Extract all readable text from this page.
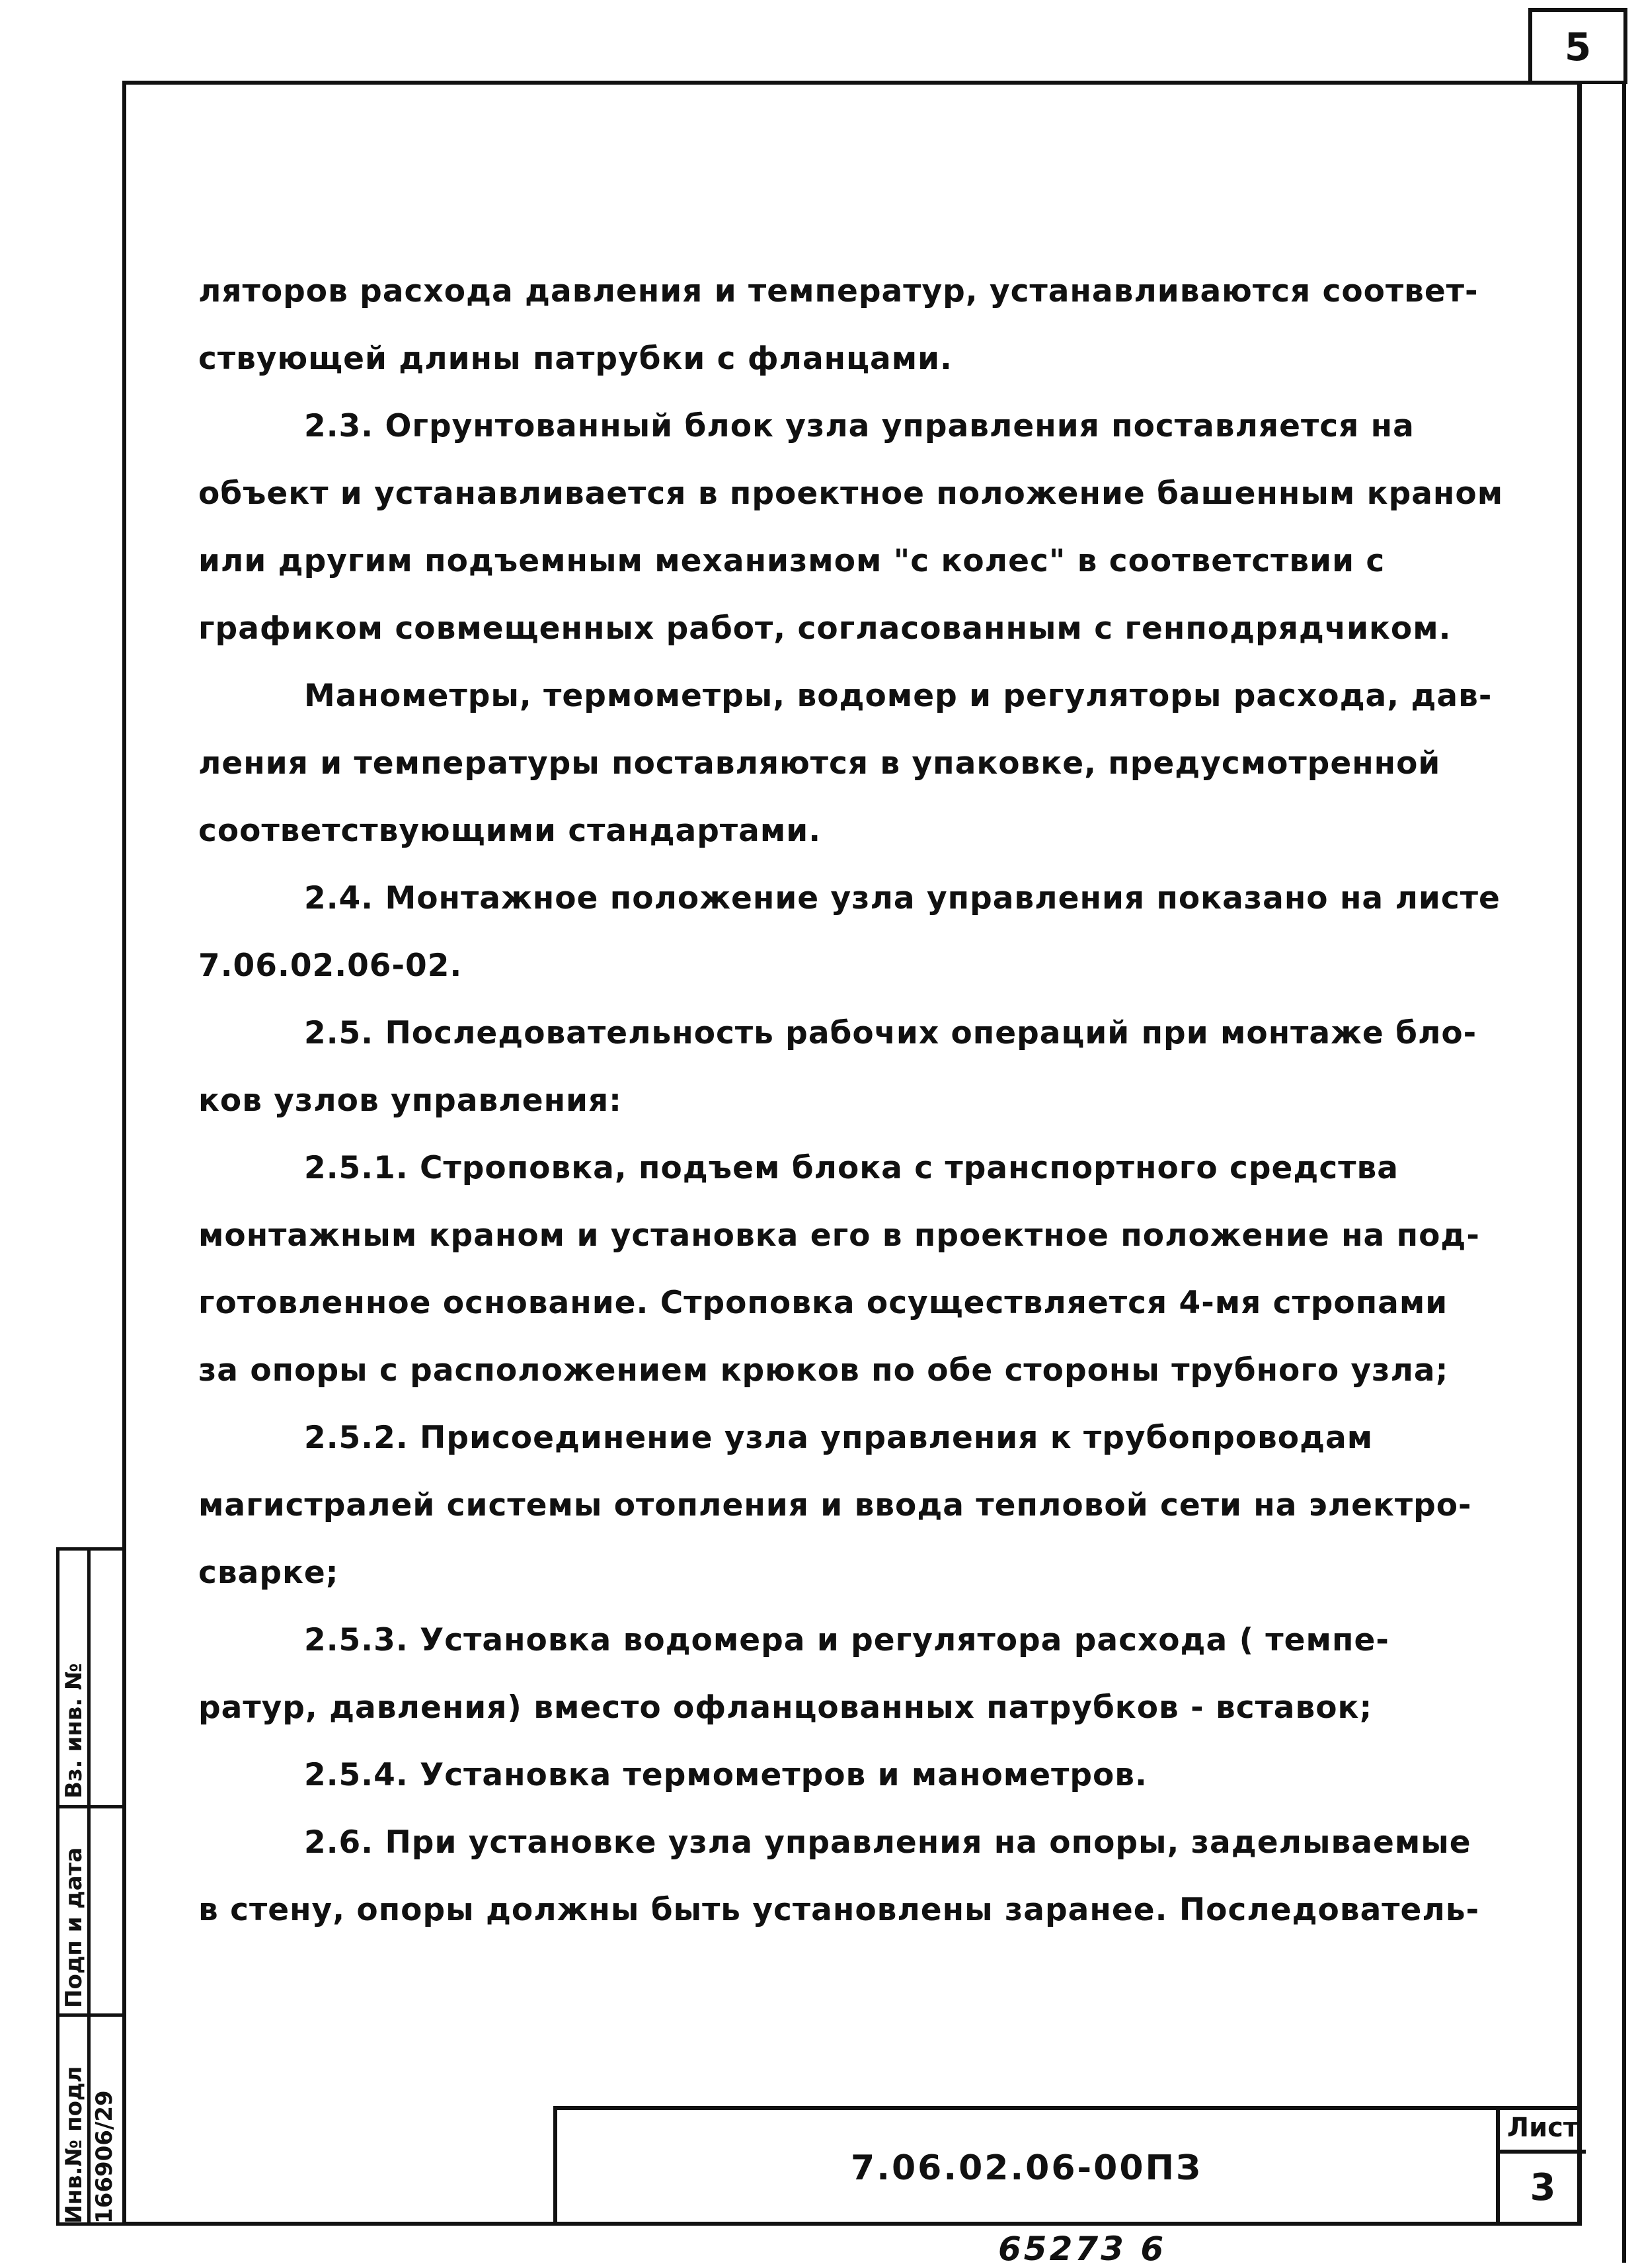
5

ляторов расхода давления и температур, устанавливаются соответ-

ствующей длины патрубки с фланцами.

2.3. Огрунтованный блок узла управления поставляется на

объект и устанавливается в проектное положение башенным краном

или другим подъемным механизмом "с колес" в соответствии с

графиком совмещенных работ, согласованным с генподрядчиком.

Манометры, термометры, водомер и регуляторы расхода, дав-

ления и температуры поставляются в упаковке, предусмотренной

соответствующими стандартами.

2.4. Монтажное положение узла управления показано на листе

7.06.02.06-02.

2.5. Последовательность рабочих операций при монтаже бло-

ков узлов управления:

2.5.1. Строповка, подъем блока с транспортного средства

монтажным краном и установка его в проектное положение на под-

готовленное основание. Строповка осуществляется 4-мя стропами

за опоры с расположением крюков по обе стороны трубного узла;

2.5.2. Присоединение узла управления к трубопроводам

магистралей системы отопления и ввода тепловой сети на электро-

сварке;

2.5.3. Установка водомера и регулятора расхода ( темпе-

ратур, давления) вместо офланцованных патрубков - вставок;

2.5.4. Установка термометров и манометров.

2.6. При установке узла управления на опоры, заделываемые

в стену, опоры должны быть установлены заранее. Последователь-

7.06.02.06-00ПЗ
Лист
3
Инв.№ подл 166906/29
Подп и дата
Вз. инв. №
65273 6
